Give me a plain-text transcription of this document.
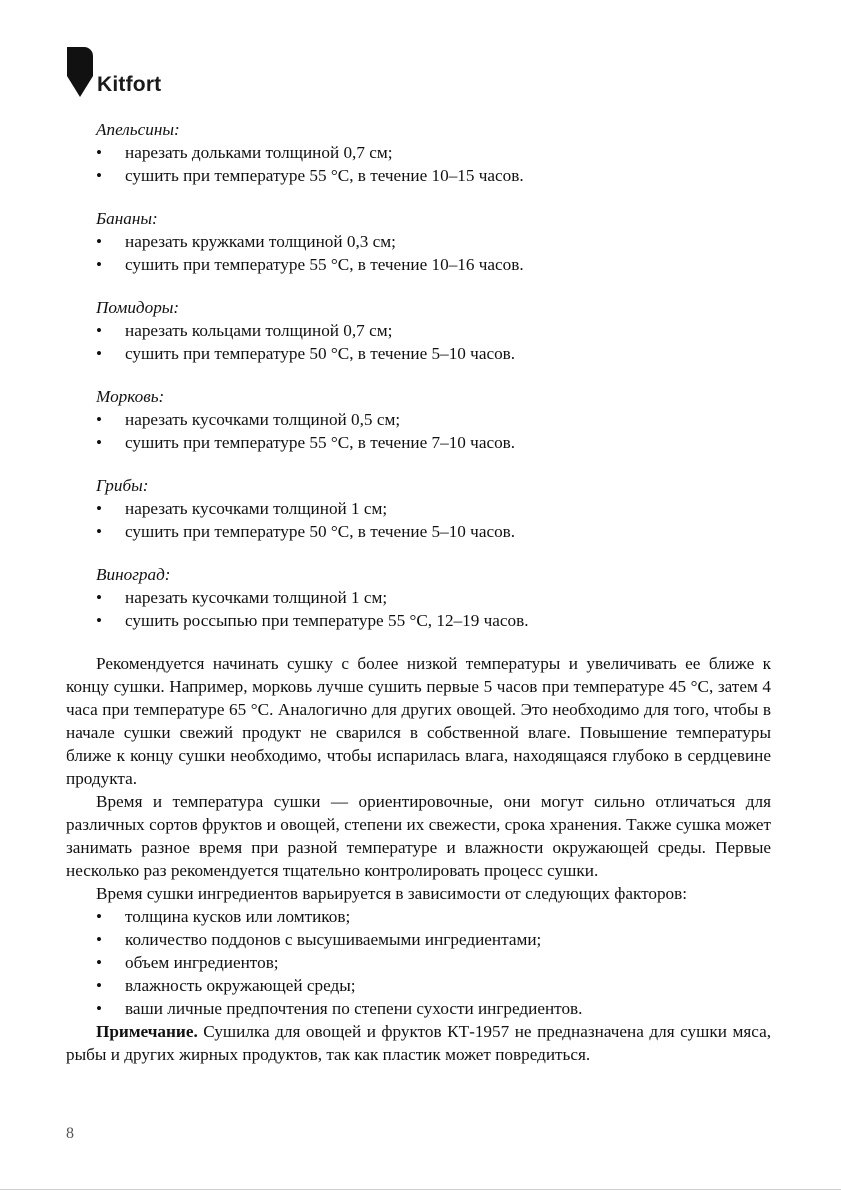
Kitfort

Апельсины:

• нарезать дольками толщиной 0,7 см;
• сушить при температуре 55 °С, в течение 10–15 часов.

Бананы:

• нарезать кружками толщиной 0,3 см;
• сушить при температуре 55 °С, в течение 10–16 часов.

Помидоры:

• нарезать кольцами толщиной 0,7 см;
• сушить при температуре 50 °С, в течение 5–10 часов.

Морковь:

• нарезать кусочками толщиной 0,5 см;
• сушить при температуре 55 °С, в течение 7–10 часов.

Грибы:

• нарезать кусочками толщиной 1 см;
• сушить при температуре 50 °С, в течение 5–10 часов.

Виноград:

• нарезать кусочками толщиной 1 см;
• сушить россыпью при температуре 55 °С, 12–19 часов.

Рекомендуется начинать сушку с более низкой температуры и увеличивать ее ближе к концу сушки. Например, морковь лучше сушить первые 5 часов при температуре 45 °С, затем 4 часа при температуре 65 °С. Аналогично для других овощей. Это необходимо для того, чтобы в начале сушки свежий продукт не сварился в собственной влаге. Повышение температуры ближе к концу сушки необходимо, чтобы испарилась влага, находящаяся глубоко в сердцевине продукта.

Время и температура сушки — ориентировочные, они могут сильно отличаться для различных сортов фруктов и овощей, степени их свежести, срока хранения. Также сушка может занимать разное время при разной температуре и влажности окружающей среды. Первые несколько раз рекомендуется тщательно контролировать процесс сушки.

Время сушки ингредиентов варьируется в зависимости от следующих факторов:

• толщина кусков или ломтиков;
• количество поддонов с высушиваемыми ингредиентами;
• объем ингредиентов;
• влажность окружающей среды;
• ваши личные предпочтения по степени сухости ингредиентов.

Примечание. Сушилка для овощей и фруктов КТ-1957 не предназначена для сушки мяса, рыбы и других жирных продуктов, так как пластик может повредиться.

8
